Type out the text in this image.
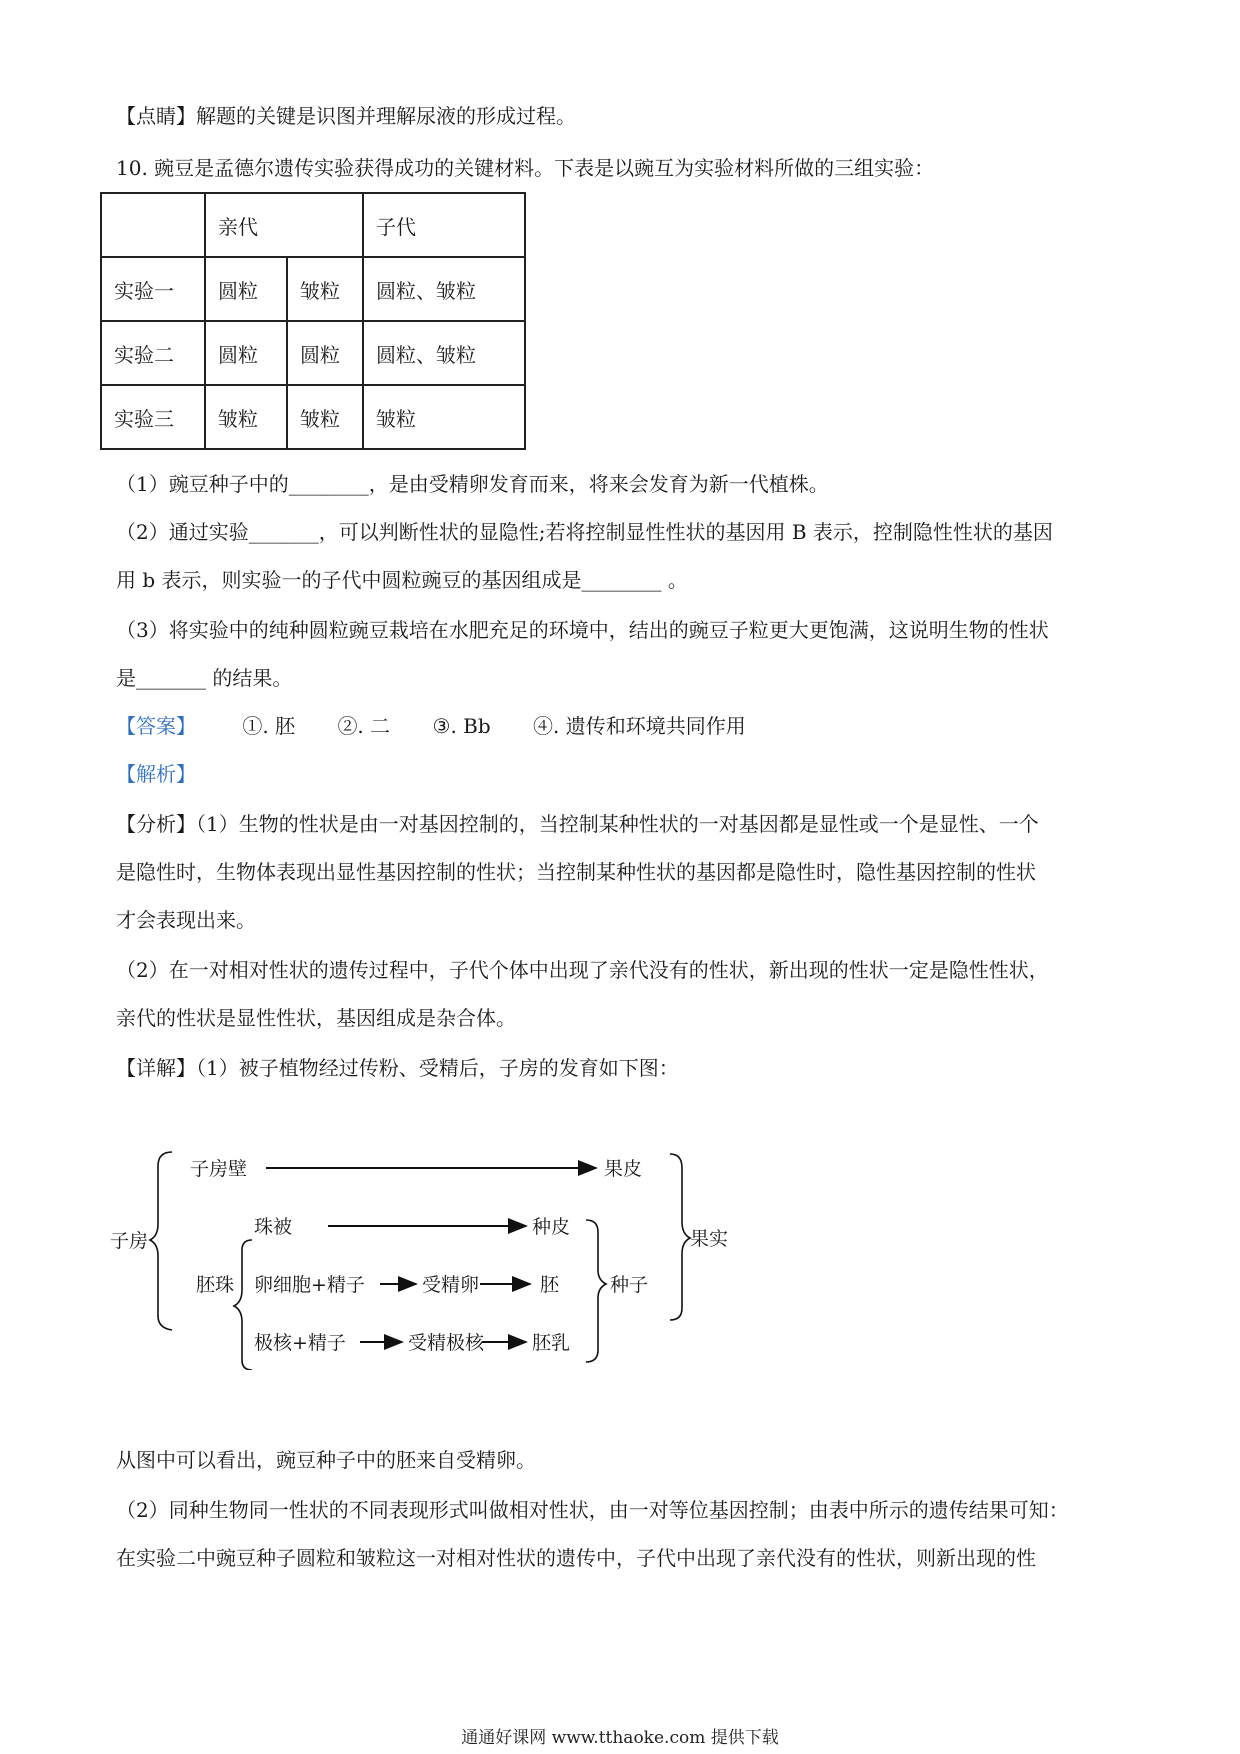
【点睛】解题的关键是识图并理解尿液的形成过程。
10. 豌豆是孟德尔遗传实验获得成功的关键材料。下表是以豌互为实验材料所做的三组实验：
	亲代		子代
实验一	圆粒	皱粒	圆粒、皱粒
实验二	圆粒	圆粒	圆粒、皱粒
实验三	皱粒	皱粒	皱粒
（1）豌豆种子中的________，是由受精卵发育而来，将来会发育为新一代植株。
（2）通过实验_______，可以判断性状的显隐性;若将控制显性性状的基因用 B 表示，控制隐性性状的基因
用 b 表示，则实验一的子代中圆粒豌豆的基因组成是________ 。
（3）将实验中的纯种圆粒豌豆栽培在水肥充足的环境中，结出的豌豆子粒更大更饱满，这说明生物的性状
是_______ 的结果。
【答案】 ①. 胚 ②. 二 ③. Bb ④. 遗传和环境共同作用
【解析】
【分析】（1）生物的性状是由一对基因控制的，当控制某种性状的一对基因都是显性或一个是显性、一个
是隐性时，生物体表现出显性基因控制的性状；当控制某种性状的基因都是隐性时，隐性基因控制的性状
才会表现出来。
（2）在一对相对性状的遗传过程中，子代个体中出现了亲代没有的性状，新出现的性状一定是隐性性状，
亲代的性状是显性性状，基因组成是杂合体。
【详解】（1）被子植物经过传粉、受精后，子房的发育如下图：
子房
子房壁	果皮
珠被	种皮
胚珠 卵细胞+精子	受精卵	胚
极核+精子	受精极核	胚乳
种子
果实
从图中可以看出，豌豆种子中的胚来自受精卵。
（2）同种生物同一性状的不同表现形式叫做相对性状，由一对等位基因控制；由表中所示的遗传结果可知：
在实验二中豌豆种子圆粒和皱粒这一对相对性状的遗传中，子代中出现了亲代没有的性状，则新出现的性
通通好课网 www.tthaoke.com 提供下载
